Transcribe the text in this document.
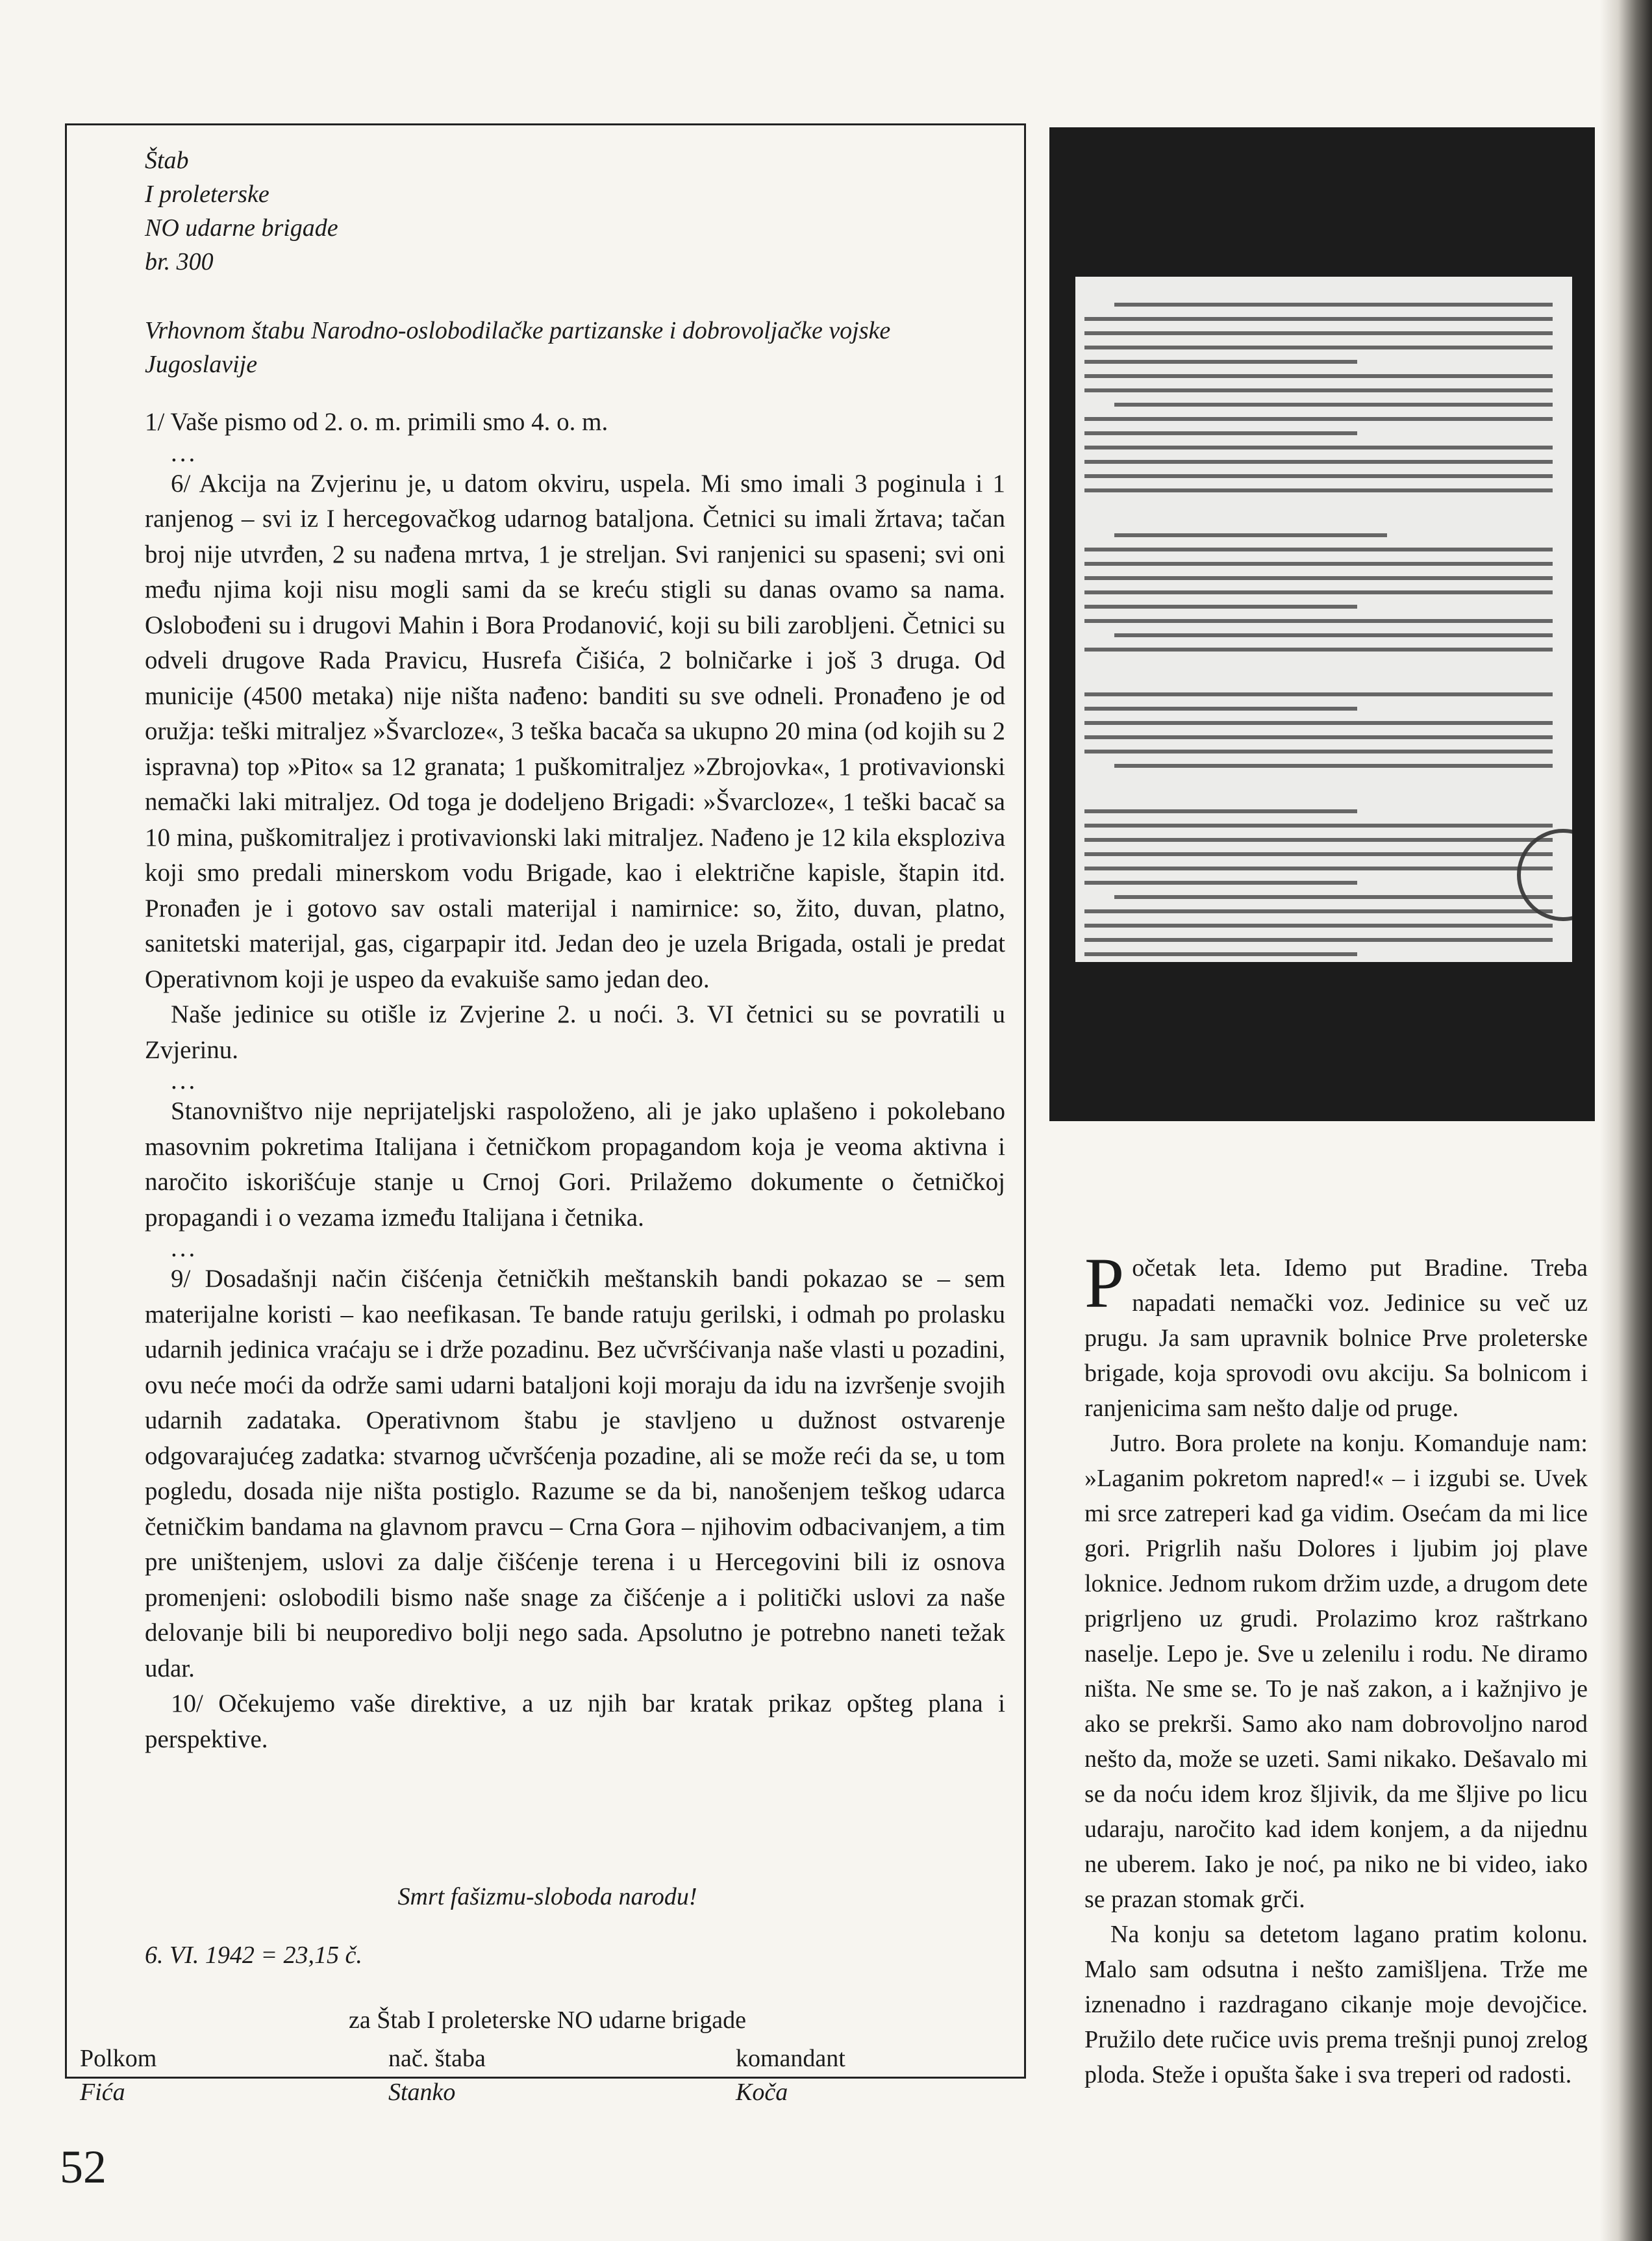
Štab
I proleterske
NO udarne brigade
br. 300
Vrhovnom štabu Narodno-oslobodilačke partizanske i dobrovoljačke vojske Jugoslavije

1/ Vaše pismo od 2. o. m. primili smo 4. o. m.

...

6/ Akcija na Zvjerinu je, u datom okviru, uspela. Mi smo imali 3 poginula i 1 ranjenog – svi iz I hercegovačkog udarnog bataljona. Četnici su imali žrtava; tačan broj nije utvrđen, 2 su nađena mrtva, 1 je streljan. Svi ranjenici su spaseni; svi oni među njima koji nisu mogli sami da se kreću stigli su danas ovamo sa nama. Oslobođeni su i drugovi Mahin i Bora Prodanović, koji su bili zarobljeni. Četnici su odveli drugove Rada Pravicu, Husrefa Čišića, 2 bolničarke i još 3 druga. Od municije (4500 metaka) nije ništa nađeno: banditi su sve odneli. Pronađeno je od oružja: teški mitraljez »Švarcloze«, 3 teška bacača sa ukupno 20 mina (od kojih su 2 ispravna) top »Pito« sa 12 granata; 1 puškomitraljez »Zbrojovka«, 1 protivavionski nemački laki mitraljez. Od toga je dodeljeno Brigadi: »Švarcloze«, 1 teški bacač sa 10 mina, puškomitraljez i protivavionski laki mitraljez. Nađeno je 12 kila eksploziva koji smo predali minerskom vodu Brigade, kao i električne kapisle, štapin itd. Pronađen je i gotovo sav ostali materijal i namirnice: so, žito, duvan, platno, sanitetski materijal, gas, cigarpapir itd. Jedan deo je uzela Brigada, ostali je predat Operativnom koji je uspeo da evakuiše samo jedan deo.

Naše jedinice su otišle iz Zvjerine 2. u noći. 3. VI četnici su se povratili u Zvjerinu.

...

Stanovništvo nije neprijateljski raspoloženo, ali je jako uplašeno i pokolebano masovnim pokretima Italijana i četničkom propagandom koja je veoma aktivna i naročito iskorišćuje stanje u Crnoj Gori. Prilažemo dokumente o četničkoj propagandi i o vezama između Italijana i četnika.

...

9/ Dosadašnji način čišćenja četničkih meštanskih bandi pokazao se – sem materijalne koristi – kao neefikasan. Te bande ratuju gerilski, i odmah po prolasku udarnih jedinica vraćaju se i drže pozadinu. Bez učvršćivanja naše vlasti u pozadini, ovu neće moći da održe sami udarni bataljoni koji moraju da idu na izvršenje svojih udarnih zadataka. Operativnom štabu je stavljeno u dužnost ostvarenje odgovarajućeg zadatka: stvarnog učvršćenja pozadine, ali se može reći da se, u tom pogledu, dosada nije ništa postiglo. Razume se da bi, nanošenjem teškog udarca četničkim bandama na glavnom pravcu – Crna Gora – njihovim odbacivanjem, a tim pre uništenjem, uslovi za dalje čišćenje terena i u Hercegovini bili iz osnova promenjeni: oslobodili bismo naše snage za čišćenje a i politički uslovi za naše delovanje bili bi neuporedivo bolji nego sada. Apsolutno je potrebno naneti težak udar.

10/ Očekujemo vaše direktive, a uz njih bar kratak prikaz opšteg plana i perspektive.

Smrt fašizmu-sloboda narodu!
6. VI. 1942 = 23,15 č.
za Štab I proleterske NO udarne brigade
Polkom
Fića
nač. štaba
Stanko
komandant
Koča

P očetak leta. Idemo put Bradine. Treba napadati nemački voz. Jedinice su več uz prugu. Ja sam upravnik bolnice Prve proleterske brigade, koja sprovodi ovu akciju. Sa bolnicom i ranjenicima sam nešto dalje od pruge.

Jutro. Bora prolete na konju. Komanduje nam: »Laganim pokretom napred!« – i izgubi se. Uvek mi srce zatreperi kad ga vidim. Osećam da mi lice gori. Prigrlih našu Dolores i ljubim joj plave loknice. Jednom rukom držim uzde, a drugom dete prigrljeno uz grudi. Prolazimo kroz raštrkano naselje. Lepo je. Sve u zelenilu i rodu. Ne diramo ništa. Ne sme se. To je naš zakon, a i kažnjivo je ako se prekrši. Samo ako nam dobrovoljno narod nešto da, može se uzeti. Sami nikako. Dešavalo mi se da noću idem kroz šljivik, da me šljive po licu udaraju, naročito kad idem konjem, a da nijednu ne uberem. Iako je noć, pa niko ne bi video, iako se prazan stomak grči.

Na konju sa detetom lagano pratim kolonu. Malo sam odsutna i nešto zamišljena. Trže me iznenadno i razdragano cikanje moje devojčice. Pružilo dete ručice uvis prema trešnji punoj zrelog ploda. Steže i opušta šake i sva treperi od radosti.

52
